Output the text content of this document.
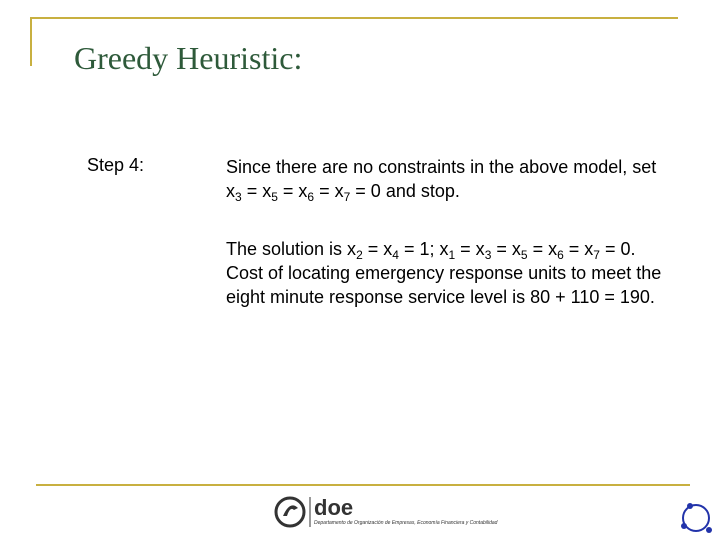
Greedy Heuristic:
Step 4:	Since there are no constraints in the above model, set $x_3 = x_5 = x_6 = x_7 = 0$ and stop.
The solution is $x_2 = x_4 = 1$; $x_1 = x_3 = x_5 = x_6 = x_7 = 0$. Cost of locating emergency response units to meet the eight minute response service level is 80 + 110 = 190.
doe
Departamento de Organización de Empresas, Economía Financiera y Contabilidad
